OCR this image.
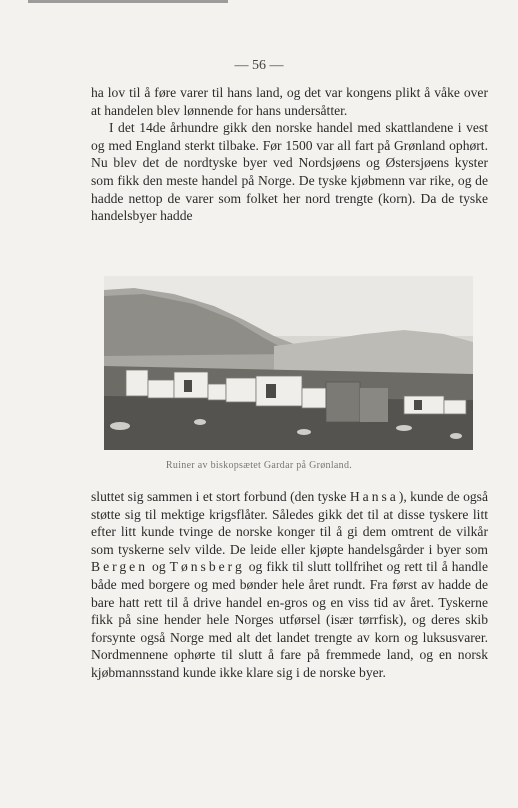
— 56 —

ha lov til å føre varer til hans land, og det var kongens plikt å våke over at handelen blev lønnende for hans undersåtter.

I det 14de århundre gikk den norske handel med skattlandene i vest og med England sterkt tilbake. Før 1500 var all fart på Grønland ophørt. Nu blev det de nordtyske byer ved Nordsjøens og Østersjøens kyster som fikk den meste handel på Norge. De tyske kjøbmenn var rike, og de hadde nettop de varer som folket her nord trengte (korn). Da de tyske handelsbyer hadde

Ruiner av biskopsætet Gardar på Grønland.

sluttet sig sammen i et stort forbund (den tyske Hansa), kunde de også støtte sig til mektige krigsflåter. Således gikk det til at disse tyskere litt efter litt kunde tvinge de norske konger til å gi dem omtrent de vilkår som tyskerne selv vilde. De leide eller kjøpte handelsgårder i byer som Bergen og Tønsberg og fikk til slutt tollfrihet og rett til å handle både med borgere og med bønder hele året rundt. Fra først av hadde de bare hatt rett til å drive handel en-gros og en viss tid av året. Tyskerne fikk på sine hender hele Norges utførsel (især tørrfisk), og deres skib forsynte også Norge med alt det landet trengte av korn og luksusvarer. Nordmennene ophørte til slutt å fare på fremmede land, og en norsk kjøbmannsstand kunde ikke klare sig i de norske byer.
